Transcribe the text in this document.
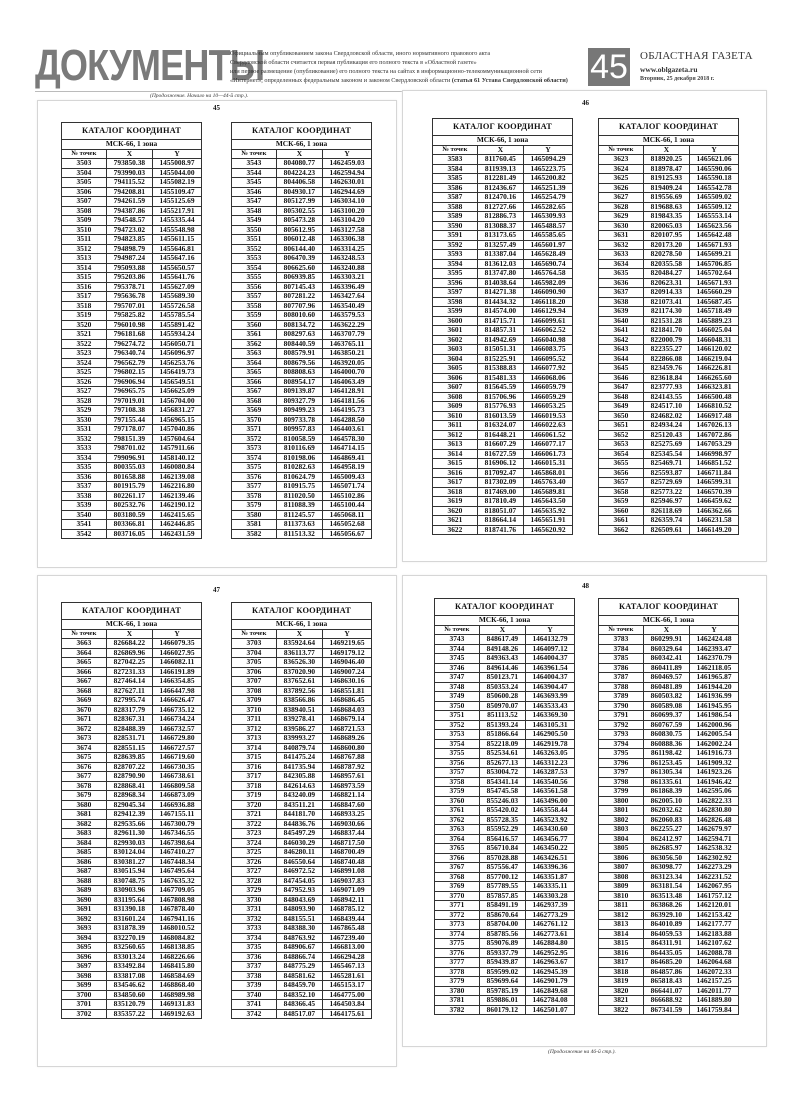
ДОКУМЕНТЫ
Официальным опубликованием закона Свердловской области, иного нормативного правового акта
Свердловской области считается первая публикация его полного текста в «Областной газете»
или первое размещение (опубликование) его полного текста на сайтах в информационно-телекоммуникационной сети
«Интернет», определенных федеральным законом и законом Свердловской области (статья 61 Устава Свердловской области) 45 ОБЛАСТНАЯ ГАЗЕТА
www.oblgazeta.ru
Вторник, 25 декабря 2018 г.
(Продолжение. Начало на 10—44-й стр.).
(Продолжение на 46-й стр.).
45
КАТАЛОГ КООРДИНАТ		
МСК-66, 1 зона		
№ точек	X	Y
3503	793850.38	1455008.97
3504	793990.03	1455044.00
3505	794115.52	1455082.19
3506	794208.81	1455109.47
3507	794261.59	1455125.69
3508	794387.86	1455217.91
3509	794548.57	1455335.44
3510	794723.02	1455548.98
3511	794823.85	1455611.15
3512	794898.79	1455646.81
3513	794987.24	1455647.16
3514	795093.88	1455650.57
3515	795203.86	1455641.76
3516	795378.71	1455627.09
3517	795636.78	1455689.30
3518	795707.01	1455726.58
3519	795825.82	1455785.54
3520	796010.98	1455891.42
3521	796181.68	1455934.24
3522	796274.72	1456050.71
3523	796340.74	1456096.97
3524	796562.79	1456253.76
3525	796802.15	1456419.73
3526	796906.94	1456549.51
3527	796965.75	1456625.09
3528	797019.01	1456704.00
3529	797108.38	1456831.27
3530	797155.44	1456965.15
3531	797178.07	1457040.86
3532	798151.39	1457604.64
3533	798701.02	1457911.66
3534	799096.91	1458140.12
3535	800355.03	1460080.84
3536	801658.88	1462139.08
3537	801915.79	1462216.80
3538	802261.17	1462139.46
3539	802532.76	1462190.12
3540	803180.59	1462415.65
3541	803366.81	1462446.85
3542	803716.05	1462431.59
КАТАЛОГ КООРДИНАТ		
МСК-66, 1 зона		
№ точек	X	Y
3543	804080.77	1462459.03
3544	804224.23	1462594.94
3545	804406.58	1462630.01
3546	804930.17	1462944.69
3547	805127.99	1463034.10
3548	805302.55	1463100.20
3549	805473.28	1463104.20
3550	805612.95	1463127.58
3551	806012.48	1463306.38
3552	806144.40	1463314.25
3553	806470.39	1463248.53
3554	806625.60	1463240.88
3555	806939.85	1463303.21
3556	807145.43	1463396.49
3557	807281.22	1463427.64
3558	807707.96	1463540.49
3559	808010.60	1463579.53
3560	808134.72	1463622.29
3561	808297.63	1463707.79
3562	808440.59	1463765.11
3563	808579.91	1463850.21
3564	808679.56	1463920.05
3565	808808.63	1464000.70
3566	808954.17	1464063.49
3567	809139.87	1464128.91
3568	809327.79	1464181.56
3569	809499.23	1464195.73
3570	809733.78	1464288.50
3571	809957.83	1464403.61
3572	810058.59	1464578.30
3573	810116.69	1464714.15
3574	810198.06	1464869.41
3575	810282.63	1464958.19
3576	810624.79	1465009.43
3577	810915.75	1465071.74
3578	811020.50	1465102.86
3579	811088.39	1465100.44
3580	811245.57	1465068.11
3581	811373.63	1465052.68
3582	811513.32	1465056.67
46
КАТАЛОГ КООРДИНАТ		
МСК-66, 1 зона		
№ точек	X	Y
3583	811760.45	1465094.29
3584	811939.13	1465223.75
3585	812281.49	1465200.82
3586	812436.67	1465251.39
3587	812470.16	1465254.79
3588	812727.66	1465282.65
3589	812886.73	1465309.93
3590	813088.37	1465488.57
3591	813173.65	1465585.65
3592	813257.49	1465601.97
3593	813387.04	1465628.49
3594	813612.03	1465690.74
3595	813747.80	1465764.58
3596	814038.64	1465982.09
3597	814271.38	1466090.90
3598	814434.32	1466118.20
3599	814574.00	1466129.94
3600	814715.71	1466099.61
3601	814857.31	1466062.52
3602	814942.69	1466040.98
3603	815051.31	1466083.75
3604	815225.91	1466095.52
3605	815388.83	1466077.92
3606	815481.33	1466068.06
3607	815645.59	1466059.79
3608	815706.96	1466059.29
3609	815776.93	1466053.25
3610	816013.59	1466019.53
3611	816324.07	1466022.63
3612	816448.21	1466061.52
3613	816607.29	1466077.17
3614	816727.59	1466061.73
3615	816906.12	1466015.31
3616	817092.47	1465868.01
3617	817302.09	1465763.40
3618	817469.00	1465689.81
3619	817810.49	1465643.50
3620	818051.07	1465635.92
3621	818664.14	1465651.91
3622	818741.76	1465620.92
КАТАЛОГ КООРДИНАТ		
МСК-66, 1 зона		
№ точек	X	Y
3623	818920.25	1465621.06
3624	818978.47	1465590.06
3625	819125.93	1465590.18
3626	819409.24	1465542.78
3627	819556.69	1465509.02
3628	819688.63	1465509.12
3629	819843.35	1465553.14
3630	820065.03	1465623.56
3631	820107.95	1465642.48
3632	820173.20	1465671.93
3633	820278.50	1465699.21
3634	820355.58	1465706.85
3635	820484.27	1465702.64
3636	820623.31	1465671.93
3637	820914.33	1465660.29
3638	821073.41	1465687.45
3639	821174.30	1465718.49
3640	821531.28	1465889.23
3641	821841.70	1466025.04
3642	822000.79	1466048.31
3643	822355.27	1466120.02
3644	822866.08	1466219.04
3645	823459.76	1466226.81
3646	823618.84	1466265.60
3647	823777.93	1466323.81
3648	824143.55	1466500.48
3649	824517.10	1466810.52
3650	824682.02	1466917.48
3651	824934.24	1467026.13
3652	825120.43	1467072.86
3653	825275.69	1467053.29
3654	825345.54	1466998.97
3655	825469.71	1466851.52
3656	825593.87	1466711.84
3657	825729.69	1466599.31
3658	825773.22	1466570.39
3659	825946.97	1466459.62
3660	826118.69	1466362.66
3661	826359.74	1466231.58
3662	826509.61	1466149.20
47
КАТАЛОГ КООРДИНАТ		
МСК-66, 1 зона		
№ точек	X	Y
3663	826684.22	1466079.35
3664	826869.96	1466027.95
3665	827042.25	1466082.11
3666	827231.33	1466191.89
3667	827464.14	1466354.85
3668	827627.11	1466447.98
3669	827995.74	1466626.47
3670	828317.79	1466735.12
3671	828367.31	1466734.24
3672	828488.39	1466732.57
3673	828531.71	1466729.80
3674	828551.15	1466727.57
3675	828639.85	1466719.60
3676	828707.22	1466730.35
3677	828790.90	1466738.61
3678	828868.41	1466809.58
3679	828968.34	1466873.09
3680	829045.34	1466936.88
3681	829412.39	1467155.11
3682	829535.66	1467300.79
3683	829611.30	1467346.55
3684	829930.03	1467398.64
3685	830124.04	1467410.27
3686	830381.27	1467448.34
3687	830515.94	1467495.64
3688	830748.75	1467635.32
3689	830903.96	1467709.05
3690	831195.64	1467808.98
3691	831390.18	1467878.40
3692	831601.24	1467941.16
3693	831878.39	1468010.52
3694	832270.19	1468084.82
3695	832560.65	1468138.85
3696	833013.24	1468226.66
3697	833492.84	1468415.80
3698	833817.08	1468584.69
3699	834546.62	1468868.40
3700	834850.60	1468989.98
3701	835120.79	1469131.83
3702	835357.22	1469192.63
КАТАЛОГ КООРДИНАТ		
МСК-66, 1 зона		
№ точек	X	Y
3703	835924.64	1469219.65
3704	836113.77	1469179.12
3705	836526.30	1469046.40
3706	837020.90	1469007.24
3707	837652.61	1468630.16
3708	837892.56	1468551.81
3709	838566.86	1468686.45
3710	838940.51	1468684.03
3711	839278.41	1468679.14
3712	839586.27	1468721.53
3713	839993.27	1468689.26
3714	840879.74	1468600.80
3715	841475.24	1468767.88
3716	841735.94	1468787.92
3717	842305.88	1468957.61
3718	842614.63	1468973.59
3719	843240.09	1468821.14
3720	843511.21	1468847.60
3721	844181.70	1468933.25
3722	844836.76	1469030.66
3723	845497.29	1468837.44
3724	846030.29	1468717.50
3725	846280.11	1468700.49
3726	846550.64	1468740.48
3727	846972.52	1468991.08
3728	847454.05	1469037.83
3729	847952.93	1469071.09
3730	848043.69	1468942.11
3731	848093.90	1468785.12
3732	848155.51	1468439.44
3733	848388.30	1467865.48
3734	848763.92	1467239.40
3735	848906.67	1466813.00
3736	848866.74	1466294.28
3737	848775.29	1465467.13
3738	848581.62	1465281.61
3739	848459.70	1465153.17
3740	848352.10	1464775.00
3741	848366.45	1464503.84
3742	848517.07	1464175.61
48
КАТАЛОГ КООРДИНАТ		
МСК-66, 1 зона		
№ точек	X	Y
3743	848617.49	1464132.79
3744	849148.26	1464097.12
3745	849363.43	1464004.37
3746	849614.46	1463961.54
3747	850123.71	1464004.37
3748	850353.24	1463904.47
3749	850600.28	1463693.99
3750	850970.07	1463533.43
3751	851113.52	1463369.30
3752	851393.24	1463105.31
3753	851866.64	1462905.50
3754	852218.09	1462919.78
3755	852534.61	1463263.05
3756	852677.13	1463312.23
3757	853004.72	1463287.53
3758	854341.14	1463540.56
3759	854745.58	1463561.58
3760	855246.03	1463496.00
3761	855420.02	1463558.44
3762	855728.35	1463523.92
3763	855952.29	1463430.60
3764	856416.57	1463456.77
3765	856710.84	1463450.22
3766	857028.88	1463426.51
3767	857556.47	1463396.36
3768	857700.12	1463351.87
3769	857789.55	1463335.11
3770	857857.85	1463303.28
3771	858491.19	1462937.39
3772	858670.64	1462773.29
3773	858704.00	1462761.12
3774	858785.56	1462773.61
3775	859076.89	1462884.80
3776	859337.79	1462952.95
3777	859439.87	1462963.67
3778	859599.02	1462945.39
3779	859699.64	1462901.79
3780	859785.19	1462849.68
3781	859886.01	1462784.08
3782	860179.12	1462501.07
КАТАЛОГ КООРДИНАТ		
МСК-66, 1 зона		
№ точек	X	Y
3783	860299.91	1462424.48
3784	860329.64	1462393.47
3785	860342.41	1462370.79
3786	860411.89	1462118.05
3787	860469.57	1461965.87
3788	860481.89	1461944.20
3789	860503.82	1461936.99
3790	860589.08	1461945.95
3791	860699.37	1461986.54
3792	860767.59	1462000.96
3793	860830.75	1462005.54
3794	860888.36	1462002.24
3795	861198.42	1461916.73
3796	861253.45	1461909.32
3797	861305.34	1461923.26
3798	861335.61	1461946.42
3799	861868.39	1462595.06
3800	862005.10	1462822.33
3801	862032.62	1462830.80
3802	862060.83	1462826.48
3803	862255.27	1462679.97
3804	862412.97	1462594.71
3805	862685.97	1462538.32
3806	863056.50	1462302.92
3807	863098.77	1462273.29
3808	863123.34	1462231.52
3809	863181.54	1462067.95
3810	863513.48	1461757.12
3811	863868.26	1462120.01
3812	863929.10	1462153.42
3813	864010.89	1462177.77
3814	864059.53	1462183.88
3815	864311.91	1462107.62
3816	864435.05	1462088.78
3817	864685.20	1462064.68
3818	864857.86	1462072.33
3819	865818.43	1462157.25
3820	866441.07	1462011.77
3821	866688.92	1461889.80
3822	867341.59	1461759.84
